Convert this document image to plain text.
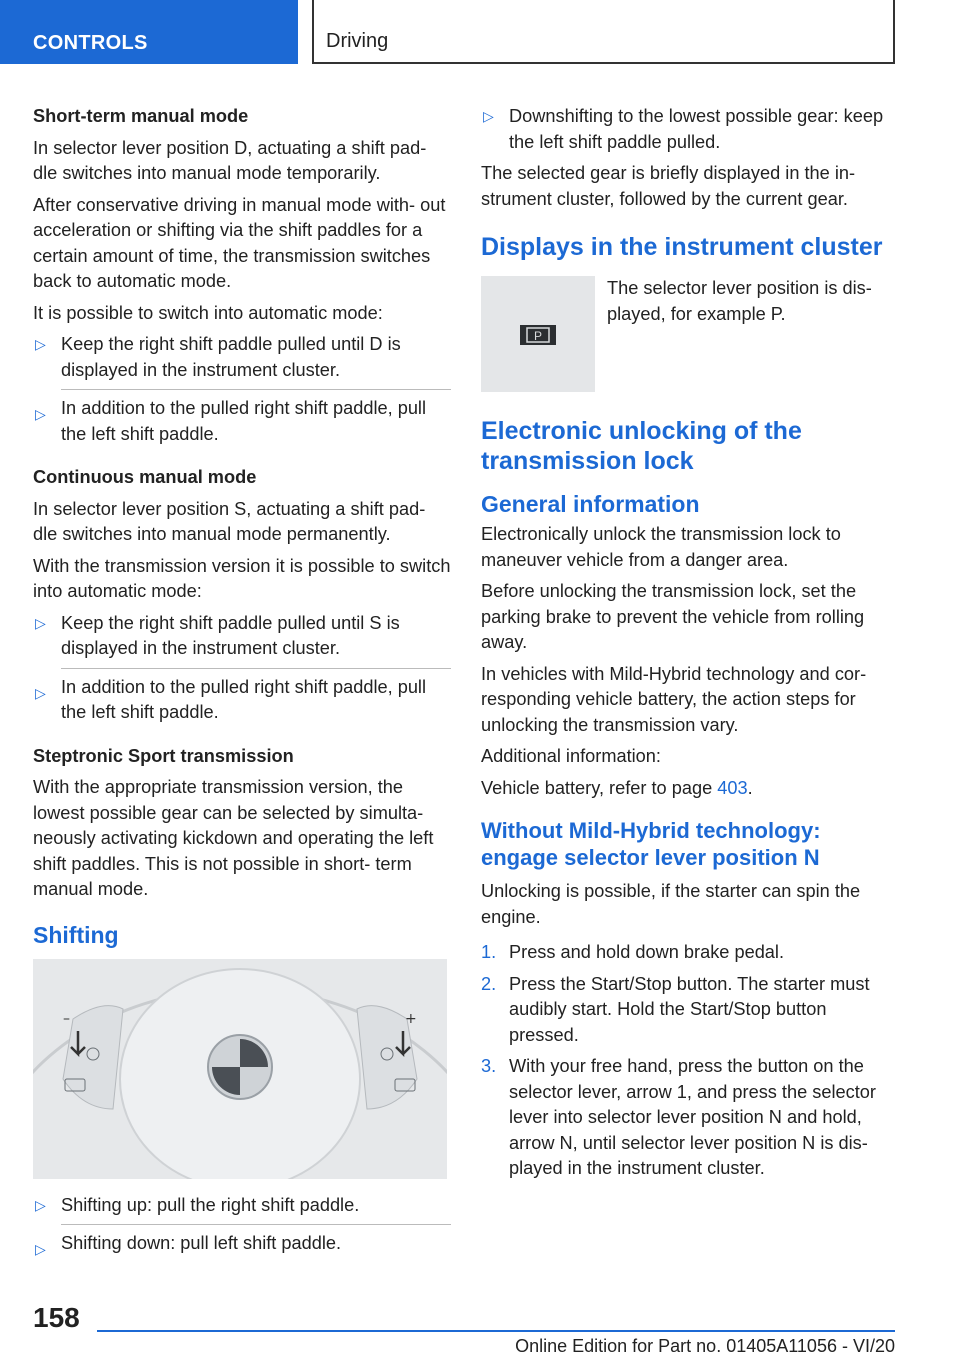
CONTROLS	Driving

Short-term manual mode

In selector lever position D, actuating a shift pad‐ dle switches into manual mode temporarily.

After conservative driving in manual mode with‐ out acceleration or shifting via the shift paddles for a certain amount of time, the transmission switches back to automatic mode.

It is possible to switch into automatic mode:

▷ Keep the right shift paddle pulled until D is displayed in the instrument cluster.
▷ In addition to the pulled right shift paddle, pull the left shift paddle.

Continuous manual mode

In selector lever position S, actuating a shift pad‐ dle switches into manual mode permanently.

With the transmission version it is possible to switch into automatic mode:

▷ Keep the right shift paddle pulled until S is displayed in the instrument cluster.
▷ In addition to the pulled right shift paddle, pull the left shift paddle.

Steptronic Sport transmission

With the appropriate transmission version, the lowest possible gear can be selected by simulta‐ neously activating kickdown and operating the left shift paddles. This is not possible in short- term manual mode.

Shifting
–	+
▷ Shifting up: pull the right shift paddle.
▷ Shifting down: pull left shift paddle.
▷ Downshifting to the lowest possible gear: keep the left shift paddle pulled.

The selected gear is briefly displayed in the in‐ strument cluster, followed by the current gear.

Displays in the instrument cluster
P
The selector lever position is dis‐ played, for example P.
Electronic unlocking of the transmission lock
General information

Electronically unlock the transmission lock to maneuver vehicle from a danger area.

Before unlocking the transmission lock, set the parking brake to prevent the vehicle from rolling away.

In vehicles with Mild-Hybrid technology and cor‐ responding vehicle battery, the action steps for unlocking the transmission vary.

Additional information:

Vehicle battery, refer to page 403.

Without Mild-Hybrid technology: engage selector lever position N

Unlocking is possible, if the starter can spin the engine.

1. Press and hold down brake pedal.
2. Press the Start/Stop button. The starter must audibly start. Hold the Start/Stop button pressed.
3. With your free hand, press the button on the selector lever, arrow 1, and press the selector lever into selector lever position N and hold, arrow N, until selector lever position N is dis‐ played in the instrument cluster.
158
Online Edition for Part no. 01405A11056 - VI/20
